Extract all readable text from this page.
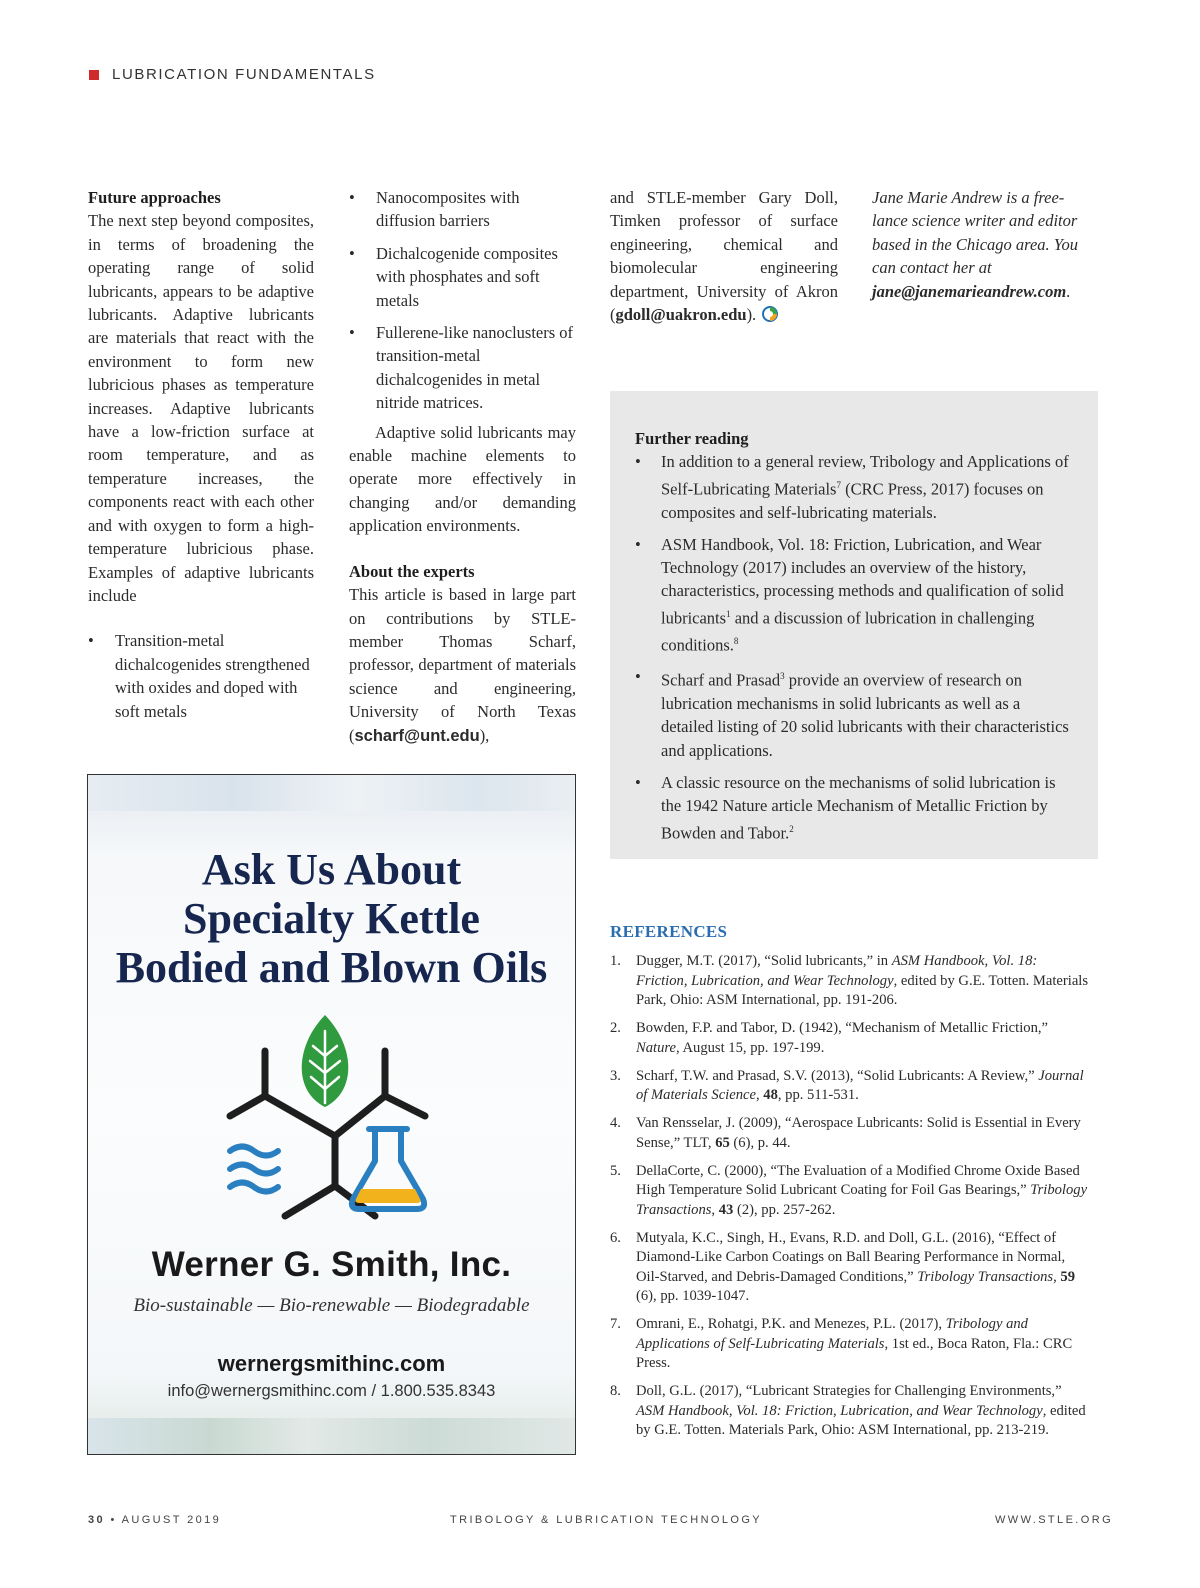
LUBRICATION FUNDAMENTALS
Future approaches

The next step beyond composites, in terms of broadening the operating range of solid lubricants, appears to be adaptive lubricants. Adaptive lubricants are materials that react with the environment to form new lubricious phases as temperature increases. Adaptive lubricants have a low-friction surface at room temperature, and as temperature increases, the components react with each other and with oxygen to form a high-temperature lubricious phase. Examples of adaptive lubricants include

• Transition-metal dichalcogenides strengthened with oxides and doped with soft metals
• Nanocomposites with diffusion barriers
• Dichalcogenide composites with phosphates and soft metals
• Fullerene-like nanoclusters of transition-metal dichalcogenides in metal nitride matrices.

Adaptive solid lubricants may enable machine elements to operate more effectively in changing and/or demanding application environments.

About the experts

This article is based in large part on contributions by STLE-member Thomas Scharf, professor, department of materials science and engineering, University of North Texas (scharf@unt.edu),

and STLE-member Gary Doll, Timken professor of surface engineering, chemical and biomolecular engineering department, University of Akron (gdoll@uakron.edu).

Jane Marie Andrew is a free-lance science writer and editor based in the Chicago area. You can contact her at jane@janemarieandrew.com.

Further reading
• In addition to a general review, Tribology and Applications of Self-Lubricating Materials$^7$ (CRC Press, 2017) focuses on composites and self-lubricating materials.
• ASM Handbook, Vol. 18: Friction, Lubrication, and Wear Technology (2017) includes an overview of the history, characteristics, processing methods and qualification of solid lubricants$^1$ and a discussion of lubrication in challenging conditions.$^8$
• Scharf and Prasad$^3$ provide an overview of research on lubrication mechanisms in solid lubricants as well as a detailed listing of 20 solid lubricants with their characteristics and applications.
• A classic resource on the mechanisms of solid lubrication is the 1942 Nature article Mechanism of Metallic Friction by Bowden and Tabor.$^2$
REFERENCES
1. Dugger, M.T. (2017), “Solid lubricants,” in ASM Handbook, Vol. 18: Friction, Lubrication, and Wear Technology, edited by G.E. Totten. Materials Park, Ohio: ASM International, pp. 191-206.
2. Bowden, F.P. and Tabor, D. (1942), “Mechanism of Metallic Friction,” Nature, August 15, pp. 197-199.
3. Scharf, T.W. and Prasad, S.V. (2013), “Solid Lubricants: A Review,” Journal of Materials Science, 48, pp. 511-531.
4. Van Rensselar, J. (2009), “Aerospace Lubricants: Solid is Essential in Every Sense,” TLT, 65 (6), p. 44.
5. DellaCorte, C. (2000), “The Evaluation of a Modified Chrome Oxide Based High Temperature Solid Lubricant Coating for Foil Gas Bearings,” Tribology Transactions, 43 (2), pp. 257-262.
6. Mutyala, K.C., Singh, H., Evans, R.D. and Doll, G.L. (2016), “Effect of Diamond-Like Carbon Coatings on Ball Bearing Performance in Normal, Oil-Starved, and Debris-Damaged Conditions,” Tribology Transactions, 59 (6), pp. 1039-1047.
7. Omrani, E., Rohatgi, P.K. and Menezes, P.L. (2017), Tribology and Applications of Self-Lubricating Materials, 1st ed., Boca Raton, Fla.: CRC Press.
8. Doll, G.L. (2017), “Lubricant Strategies for Challenging Environments,” ASM Handbook, Vol. 18: Friction, Lubrication, and Wear Technology, edited by G.E. Totten. Materials Park, Ohio: ASM International, pp. 213-219.
Ask Us About
Specialty Kettle
Bodied and Blown Oils
Werner G. Smith, Inc.
Bio-sustainable — Bio-renewable — Biodegradable
wernergsmithinc.com
info@wernergsmithinc.com / 1.800.535.8343
30 • AUGUST 2019	TRIBOLOGY & LUBRICATION TECHNOLOGY	WWW.STLE.ORG
